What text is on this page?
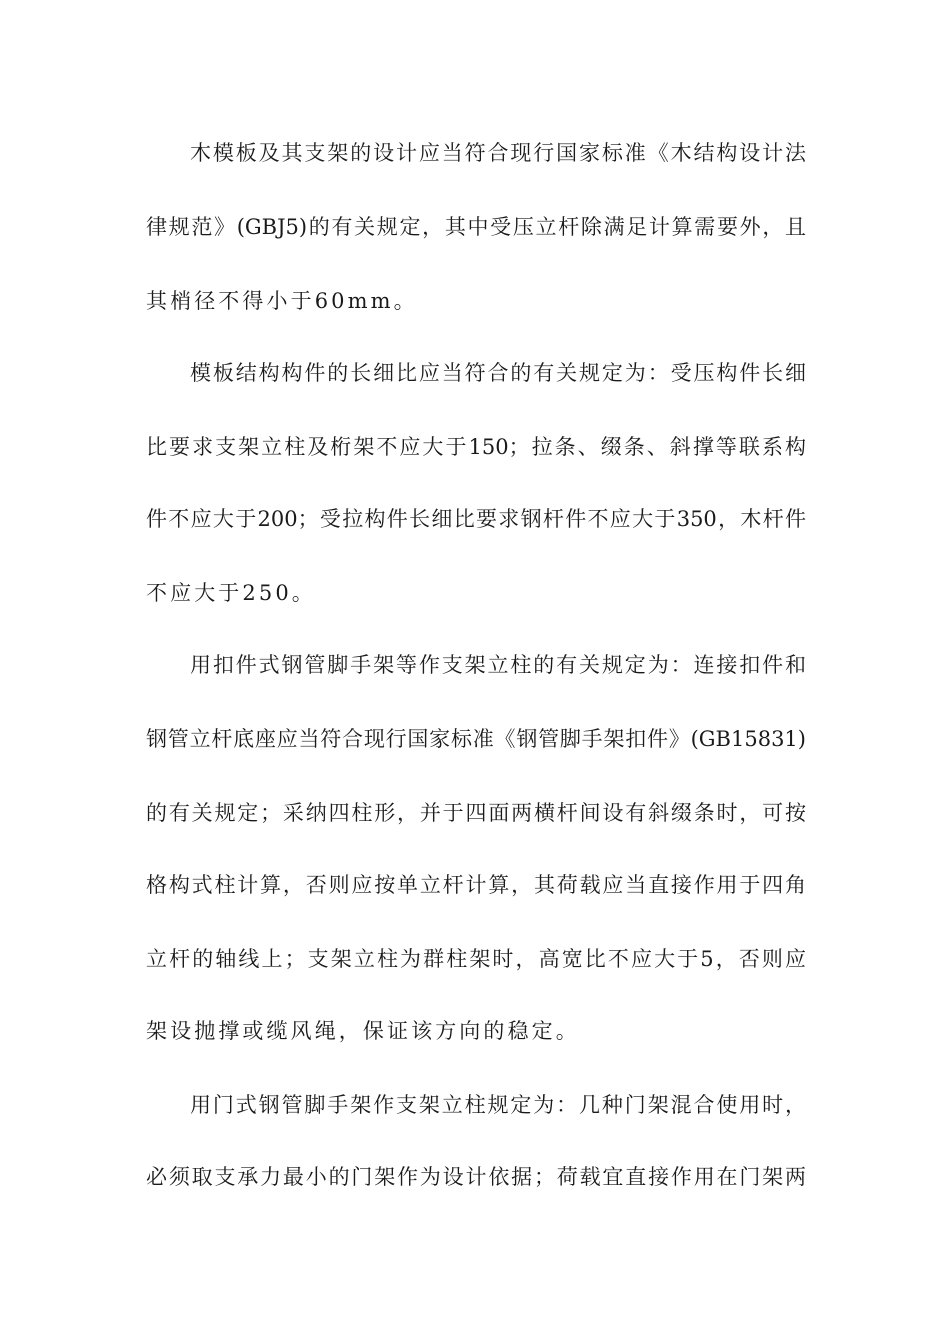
木模板及其支架的设计应当符合现行国家标准《木结构设计法
律规范》(GBJ5)的有关规定，其中受压立杆除满足计算需要外，且
其梢径不得小于60mm。
模板结构构件的长细比应当符合的有关规定为：受压构件长细
比要求支架立柱及桁架不应大于150；拉条、缀条、斜撑等联系构
件不应大于200；受拉构件长细比要求钢杆件不应大于350，木杆件
不应大于250。
用扣件式钢管脚手架等作支架立柱的有关规定为：连接扣件和
钢管立杆底座应当符合现行国家标准《钢管脚手架扣件》(GB15831)
的有关规定；采纳四柱形，并于四面两横杆间设有斜缀条时，可按
格构式柱计算，否则应按单立杆计算，其荷载应当直接作用于四角
立杆的轴线上；支架立柱为群柱架时，高宽比不应大于5，否则应
架设抛撑或缆风绳，保证该方向的稳定。
用门式钢管脚手架作支架立柱规定为：几种门架混合使用时，
必须取支承力最小的门架作为设计依据；荷载宜直接作用在门架两
